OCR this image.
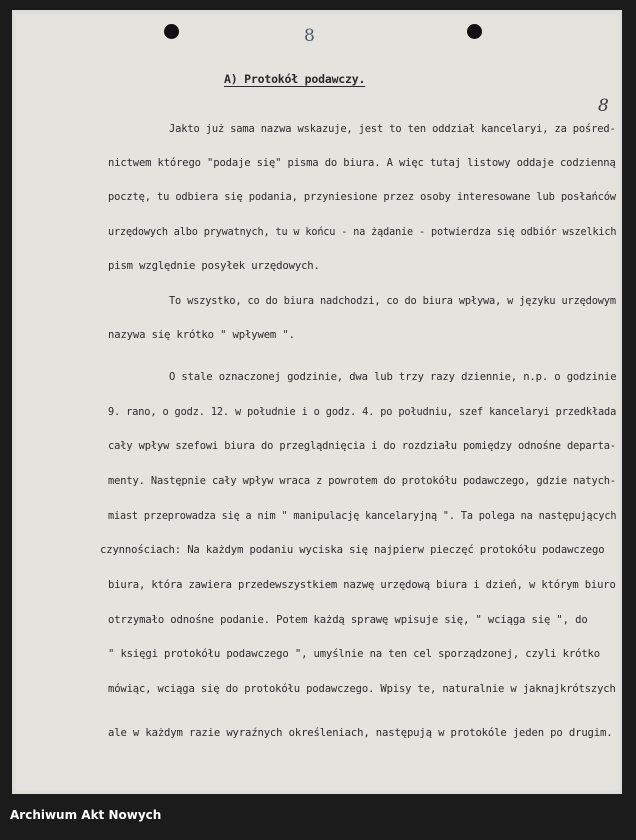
8
8
A) Protokół podawczy.
Jakto już sama nazwa wskazuje, jest to ten oddział kancelaryi, za pośred-
nictwem którego "podaje się" pisma do biura. A więc tutaj listowy oddaje codzienną
pocztę, tu odbiera się podania, przyniesione przez osoby interesowane lub posłańców
urzędowych albo prywatnych, tu w końcu - na żądanie - potwierdza się odbiór wszelkich
pism względnie posyłek urzędowych.
To wszystko, co do biura nadchodzi, co do biura wpływa, w języku urzędowym
nazywa się krótko " wpływem ".
O stale oznaczonej godzinie, dwa lub trzy razy dziennie, n.p. o godzinie
9. rano, o godz. 12. w południe i o godz. 4. po południu, szef kancelaryi przedkłada
cały wpływ szefowi biura do przeglądnięcia i do rozdziału pomiędzy odnośne departa-
menty. Następnie cały wpływ wraca z powrotem do protokółu podawczego, gdzie natych-
miast przeprowadza się a nim " manipulację kancelaryjną ". Ta polega na następujących
czynnościach: Na każdym podaniu wyciska się najpierw pieczęć protokółu podawczego
biura, która zawiera przedewszystkiem nazwę urzędową biura i dzień, w którym biuro
otrzymało odnośne podanie. Potem każdą sprawę wpisuje się, " wciąga się ", do
" księgi protokółu podawczego ", umyślnie na ten cel sporządzonej, czyli krótko
mówiąc, wciąga się do protokółu podawczego. Wpisy te, naturalnie w jaknajkrótszych
ale w każdym razie wyraźnych określeniach, następują w protokóle jeden po drugim.
Archiwum Akt Nowych
